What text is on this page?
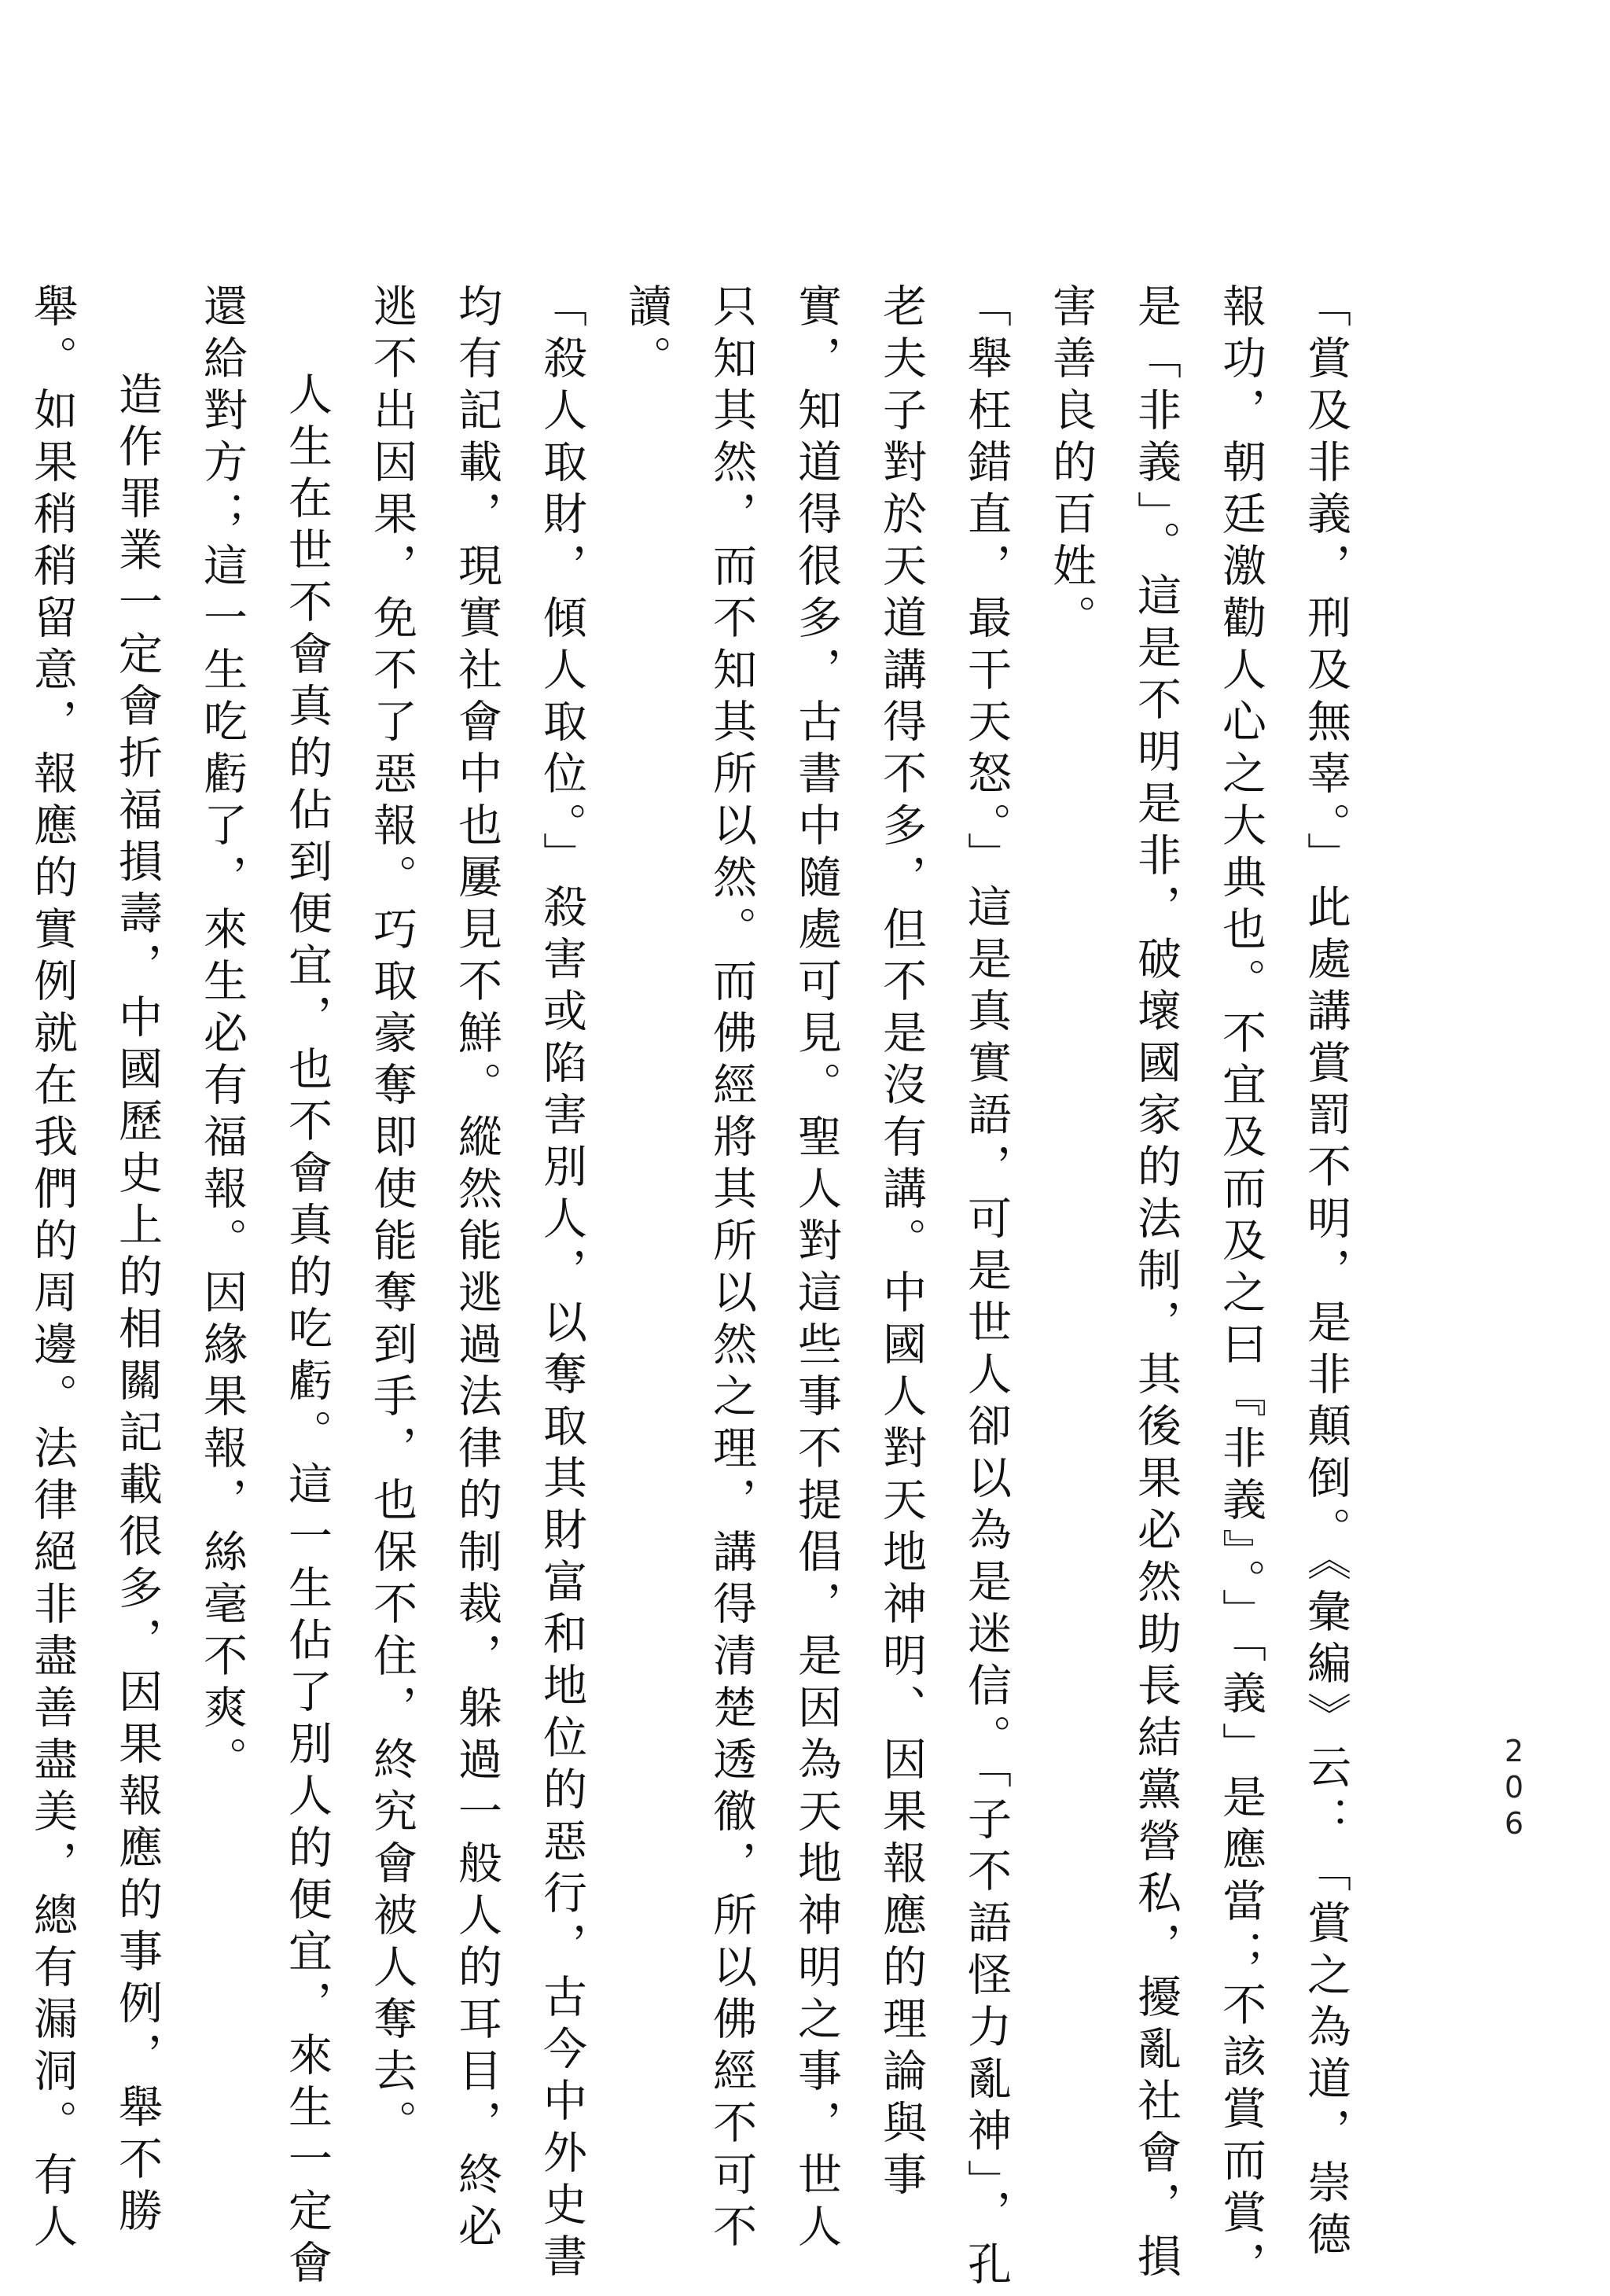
206

「賞及非義，刑及無辜。」此處講賞罰不明，是非顛倒。《彙編》云：「賞之為道，崇德報功，朝廷激勸人心之大典也。不宜及而及之曰『非義』。」「義」是應當；不該賞而賞，是「非義」。這是不明是非，破壞國家的法制，其後果必然助長結黨營私，擾亂社會，損害善良的百姓。

「舉枉錯直，最干天怒。」這是真實語，可是世人卻以為是迷信。「子不語怪力亂神」，孔老夫子對於天道講得不多，但不是沒有講。中國人對天地神明、因果報應的理論與事實，知道得很多，古書中隨處可見。聖人對這些事不提倡，是因為天地神明之事，世人只知其然，而不知其所以然。而佛經將其所以然之理，講得清楚透徹，所以佛經不可不讀。

「殺人取財，傾人取位。」殺害或陷害別人，以奪取其財富和地位的惡行，古今中外史書均有記載，現實社會中也屢見不鮮。縱然能逃過法律的制裁，躲過一般人的耳目，終必逃不出因果，免不了惡報。巧取豪奪即使能奪到手，也保不住，終究會被人奪去。

人生在世不會真的佔到便宜，也不會真的吃虧。這一生佔了別人的便宜，來生一定會還給對方；這一生吃虧了，來生必有福報。因緣果報，絲毫不爽。

造作罪業一定會折福損壽，中國歷史上的相關記載很多，因果報應的事例，舉不勝舉。如果稍稍留意，報應的實例就在我們的周邊。法律絕非盡善盡美，總有漏洞。有人
